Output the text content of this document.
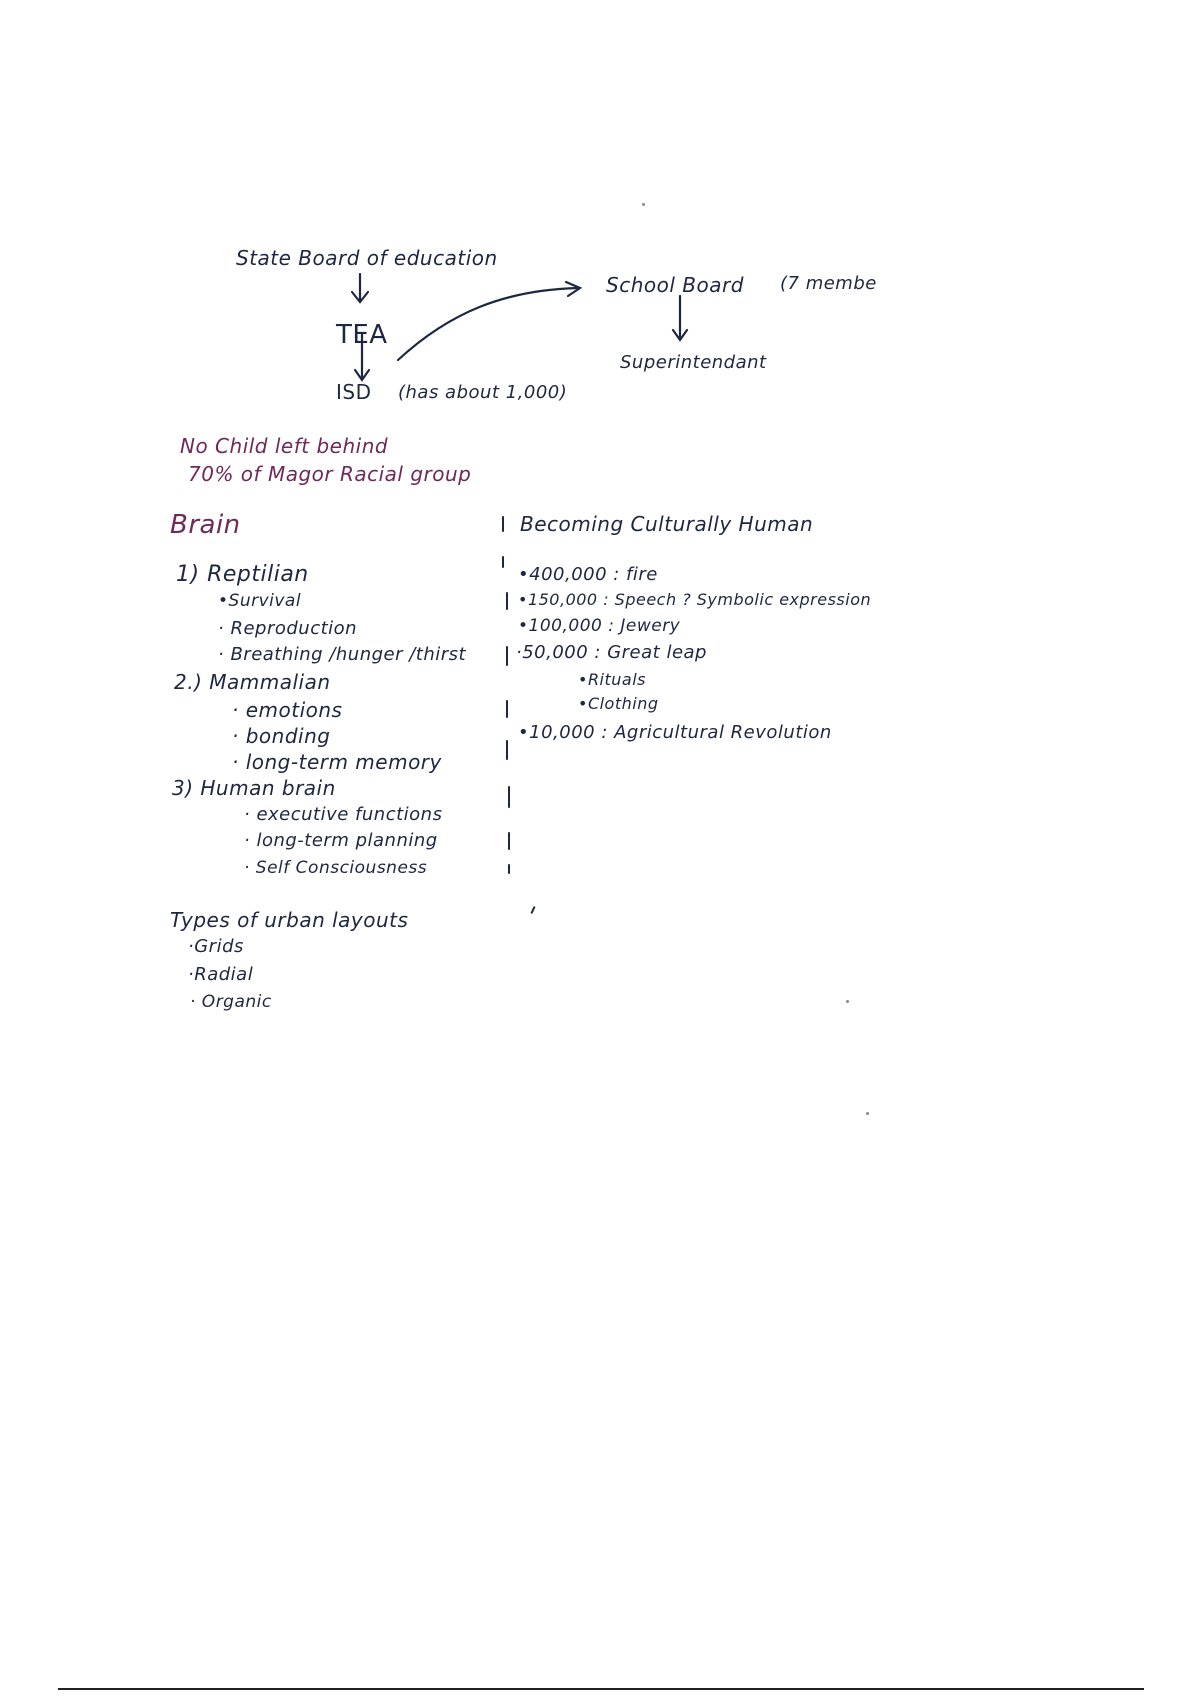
State Board of education
TEA
ISD (has about 1,000)
School Board (7 membe
Superintendant
No Child left behind
70% of Magor Racial group
Brain
1) Reptilian
•Survival
· Reproduction
· Breathing /hunger /thirst
2.) Mammalian
· emotions
· bonding
· long-term memory
3) Human brain
· executive functions
· long-term planning
· Self Consciousness
Becoming Culturally Human
•400,000 : fire
•150,000 : Speech ? Symbolic expression
•100,000 : Jewery
·50,000 : Great leap
•Rituals
•Clothing
•10,000 : Agricultural Revolution
Types of urban layouts
·Grids
·Radial
· Organic
